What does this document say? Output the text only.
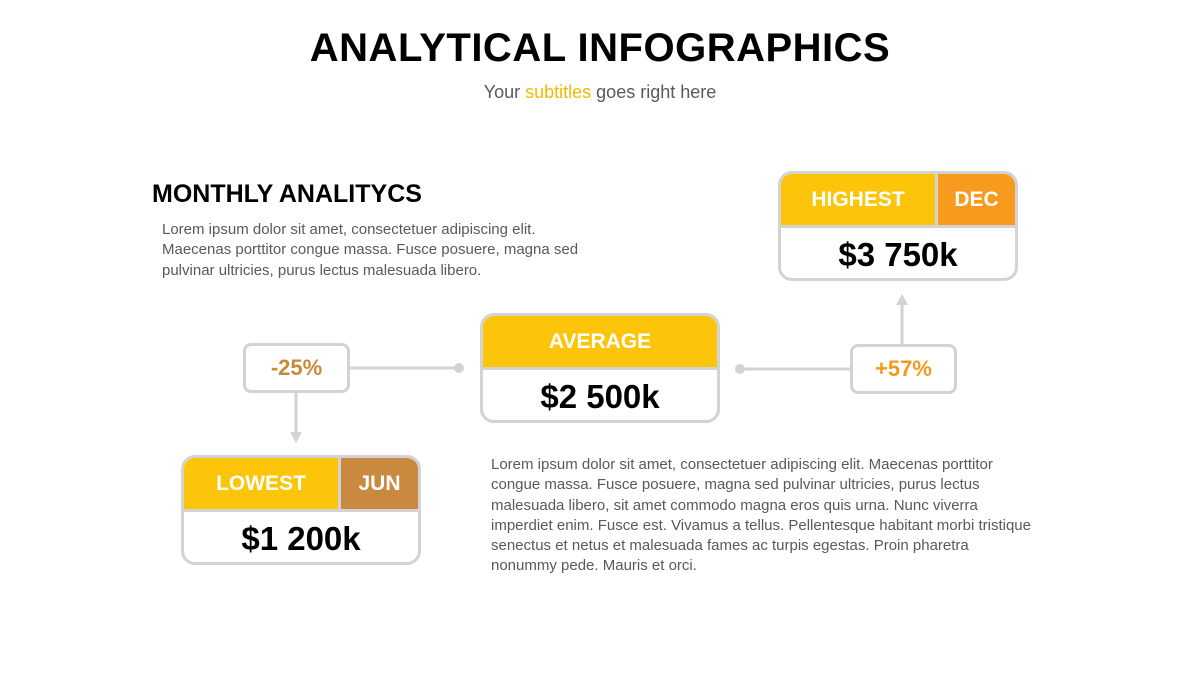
ANALYTICAL INFOGRAPHICS
Your subtitles goes right here
MONTHLY ANALITYCS
Lorem ipsum dolor sit amet, consectetuer adipiscing elit. Maecenas porttitor congue massa. Fusce posuere, magna sed pulvinar ultricies, purus lectus malesuada libero.
AVERAGE
$2 500k
HIGHEST	DEC
$3 750k
LOWEST	JUN
$1 200k
-25%	+57%
Lorem ipsum dolor sit amet, consectetuer adipiscing elit. Maecenas porttitor congue massa. Fusce posuere, magna sed pulvinar ultricies, purus lectus malesuada libero, sit amet commodo magna eros quis urna. Nunc viverra imperdiet enim. Fusce est. Vivamus a tellus. Pellentesque habitant morbi tristique senectus et netus et malesuada fames ac turpis egestas. Proin pharetra nonummy pede. Mauris et orci.
